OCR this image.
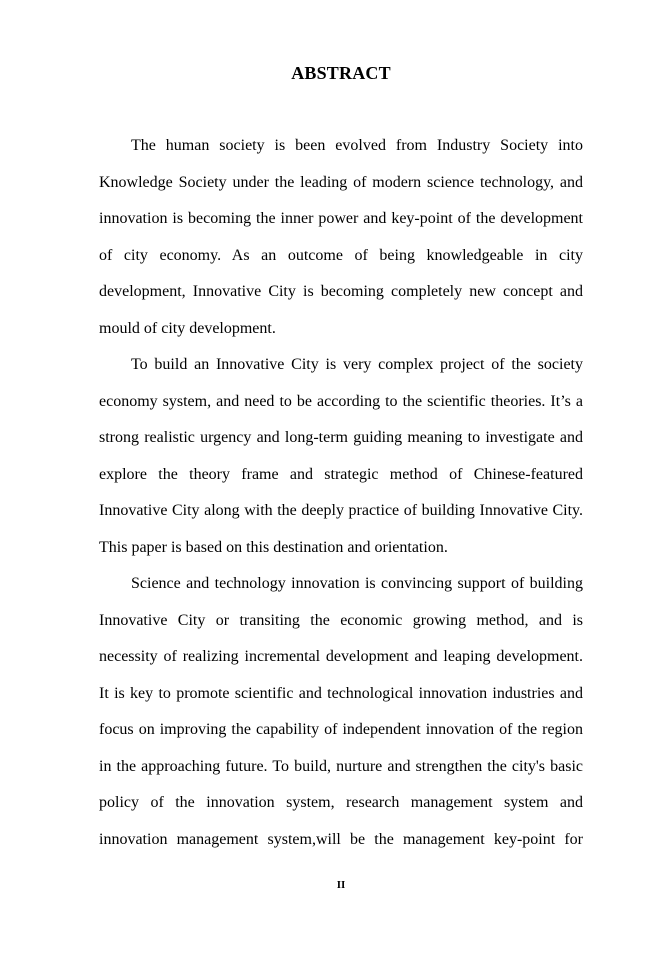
ABSTRACT
The human society is been evolved from Industry Society into
Knowledge Society under the leading of modern science technology, and
innovation is becoming the inner power and key-point of the development
of city economy. As an outcome of being knowledgeable in city
development, Innovative City is becoming completely new concept and
mould of city development.
To build an Innovative City is very complex project of the society
economy system, and need to be according to the scientific theories. It’s a
strong realistic urgency and long-term guiding meaning to investigate and
explore the theory frame and strategic method of Chinese-featured
Innovative City along with the deeply practice of building Innovative City.
This paper is based on this destination and orientation.
Science and technology innovation is convincing support of building
Innovative City or transiting the economic growing method, and is
necessity of realizing incremental development and leaping development.
It is key to promote scientific and technological innovation industries and
focus on improving the capability of independent innovation of the region
in the approaching future. To build, nurture and strengthen the city's basic
policy of the innovation system, research management system and
innovation management system,will be the management key-point for
II
